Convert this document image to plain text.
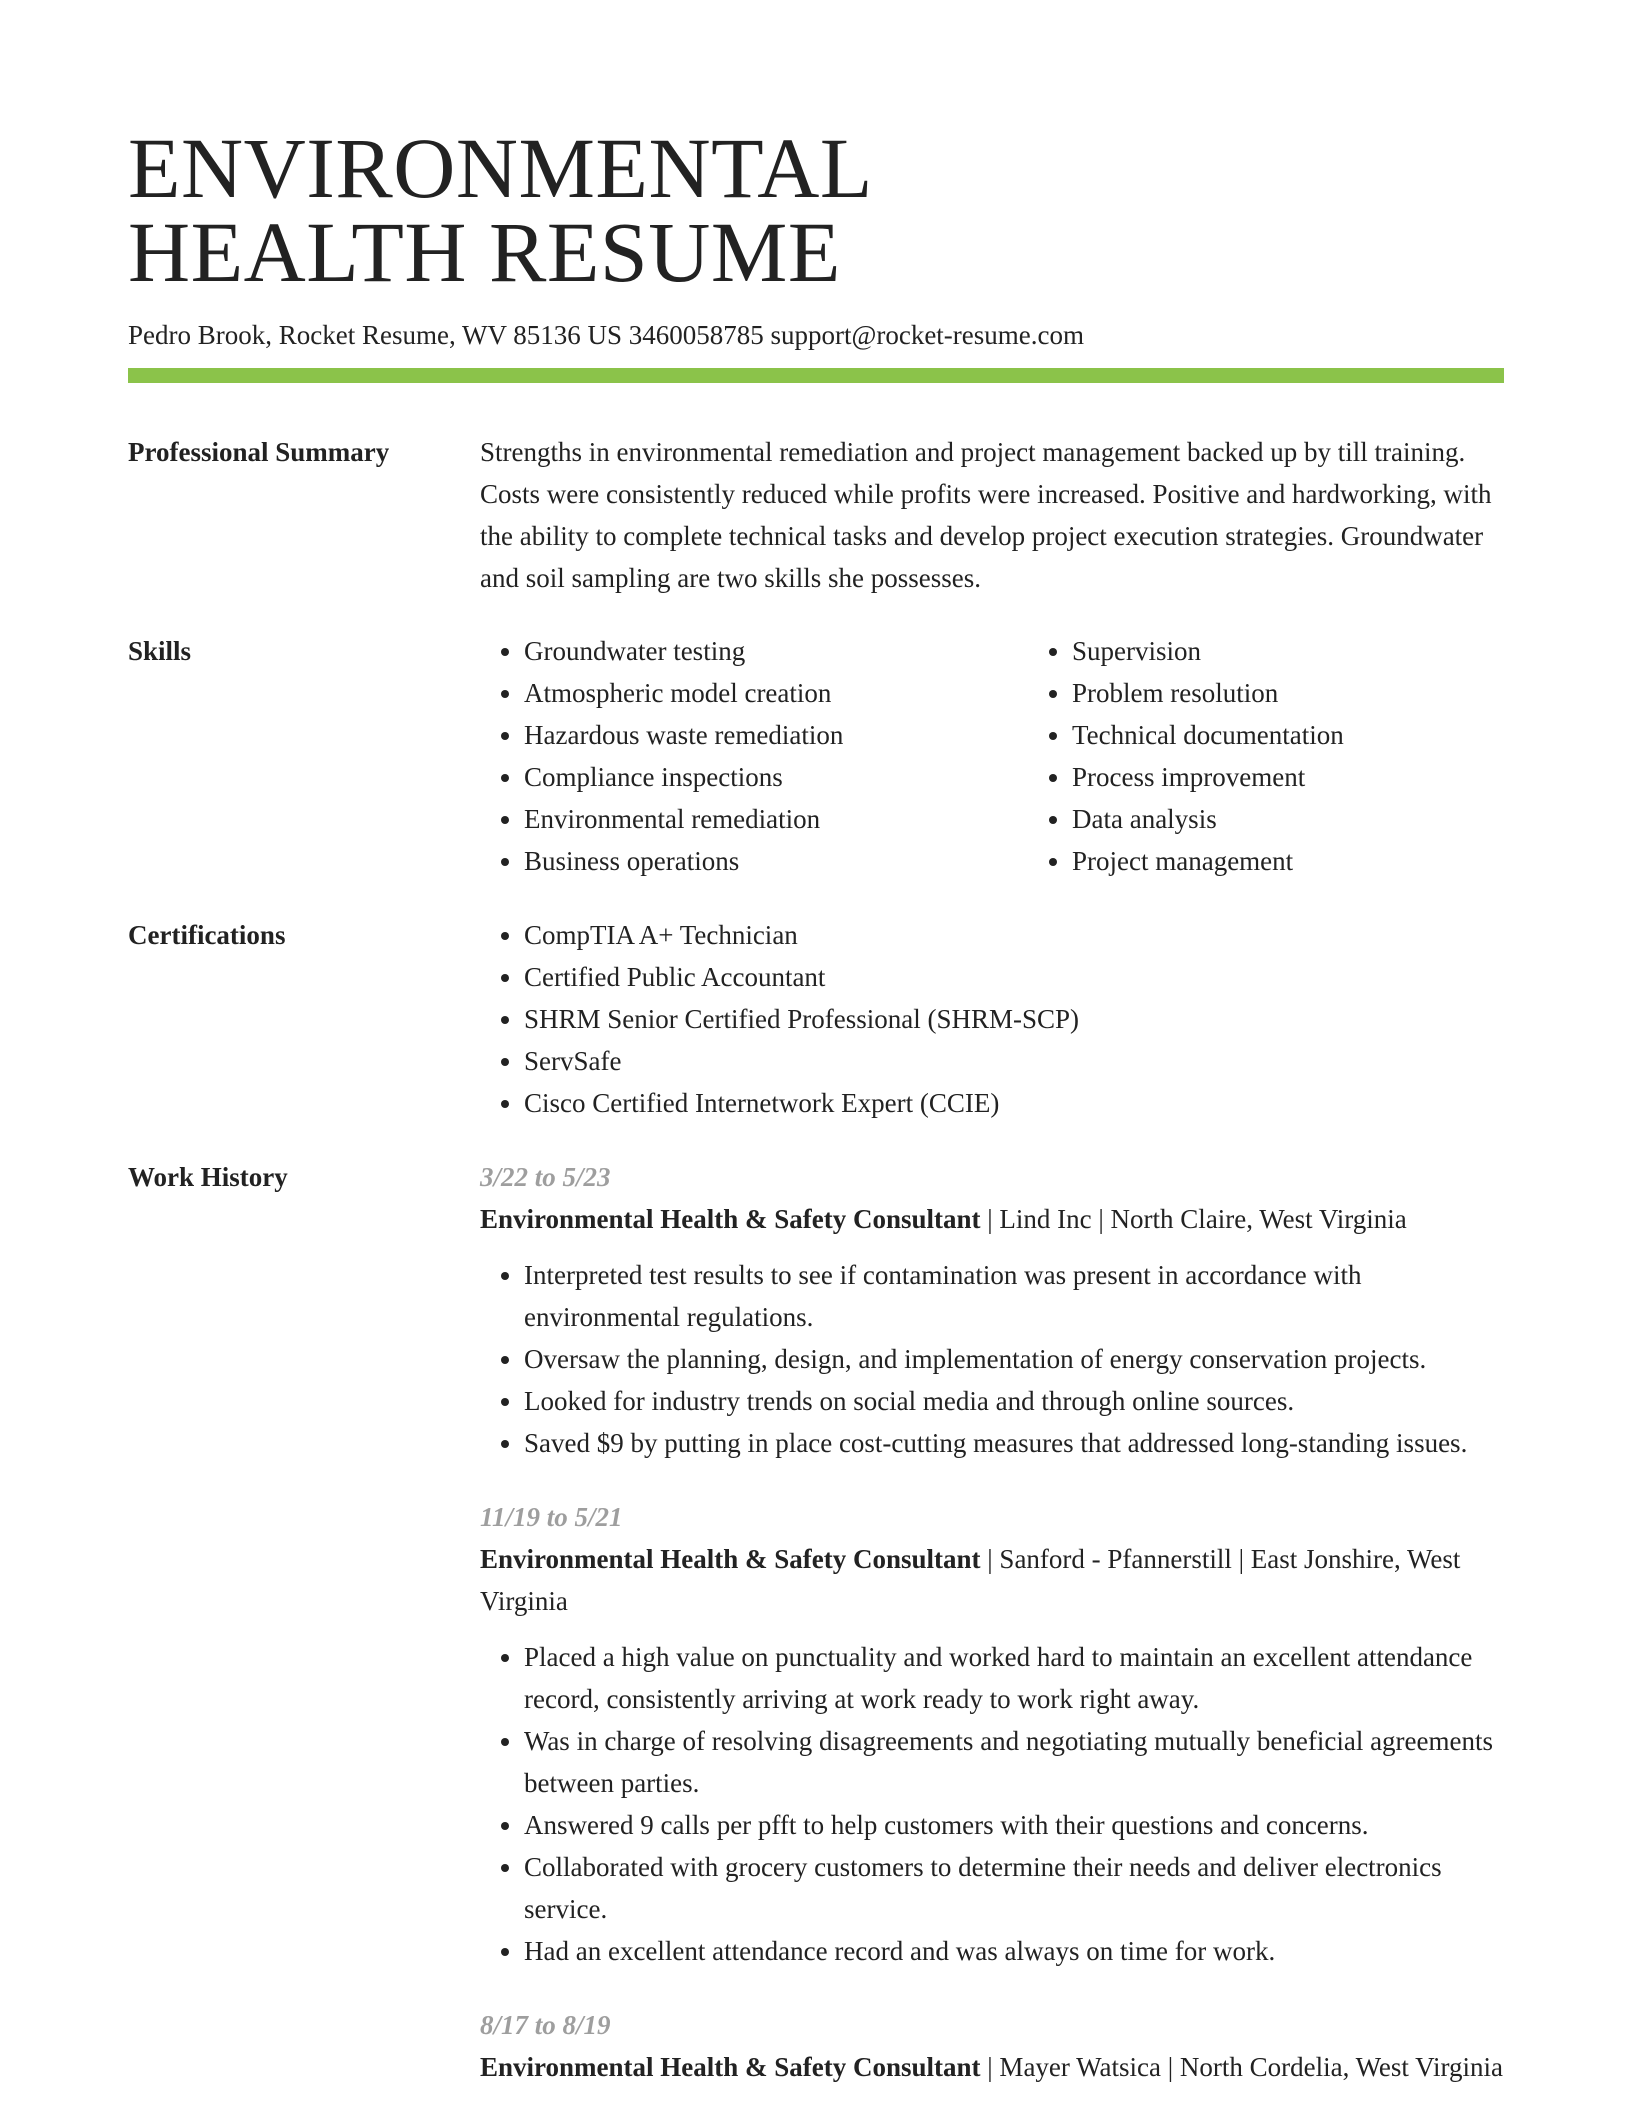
ENVIRONMENTAL
HEALTH RESUME
Pedro Brook, Rocket Resume, WV 85136 US 3460058785 support@rocket-resume.com
Professional Summary	Strengths in environmental remediation and project management backed up by till training. Costs were consistently reduced while profits were increased. Positive and hardworking, with the ability to complete technical tasks and develop project execution strategies. Groundwater and soil sampling are two skills she possesses.

Skills	• Groundwater testing
• Atmospheric model creation
• Hazardous waste remediation
• Compliance inspections
• Environmental remediation
• Business operations
• Supervision
• Problem resolution
• Technical documentation
• Process improvement
• Data analysis
• Project management
Certifications	• CompTIA A+ Technician
• Certified Public Accountant
• SHRM Senior Certified Professional (SHRM-SCP)
• ServSafe
• Cisco Certified Internetwork Expert (CCIE)
Work History	3/22 to 5/23
Environmental Health & Safety Consultant | Lind Inc | North Claire, West Virginia
• Interpreted test results to see if contamination was present in accordance with environmental regulations.
• Oversaw the planning, design, and implementation of energy conservation projects.
• Looked for industry trends on social media and through online sources.
• Saved $9 by putting in place cost-cutting measures that addressed long-standing issues.
11/19 to 5/21
Environmental Health & Safety Consultant | Sanford - Pfannerstill | East Jonshire, West Virginia
• Placed a high value on punctuality and worked hard to maintain an excellent attendance record, consistently arriving at work ready to work right away.
• Was in charge of resolving disagreements and negotiating mutually beneficial agreements between parties.
• Answered 9 calls per pfft to help customers with their questions and concerns.
• Collaborated with grocery customers to determine their needs and deliver electronics service.
• Had an excellent attendance record and was always on time for work.
8/17 to 8/19
Environmental Health & Safety Consultant | Mayer Watsica | North Cordelia, West Virginia
